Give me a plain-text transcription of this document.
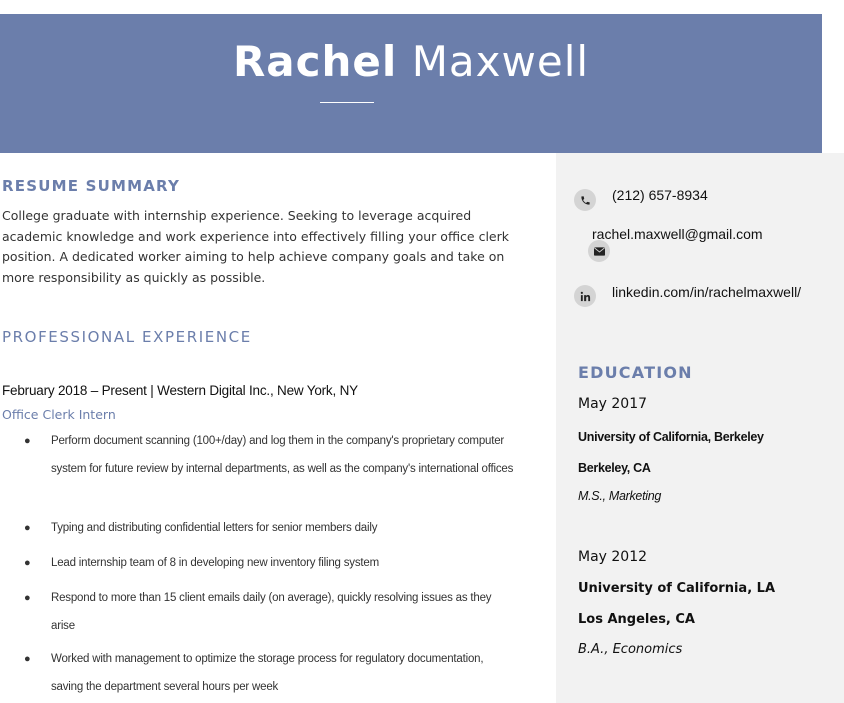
Rachel Maxwell
RESUME SUMMARY
College graduate with internship experience. Seeking to leverage acquired academic knowledge and work experience into effectively filling your office clerk position. A dedicated worker aiming to help achieve company goals and take on more responsibility as quickly as possible.
PROFESSIONAL EXPERIENCE
February 2018 – Present | Western Digital Inc., New York, NY
Office Clerk Intern
●	Perform document scanning (100+/day) and log them in the company's proprietary computer system for future review by internal departments, as well as the company's international offices
●	Typing and distributing confidential letters for senior members daily
●	Lead internship team of 8 in developing new inventory filing system
●	Respond to more than 15 client emails daily (on average), quickly resolving issues as they arise
●	Worked with management to optimize the storage process for regulatory documentation, saving the department several hours per week
(212) 657-8934
rachel.maxwell@gmail.com
linkedin.com/in/rachelmaxwell/
EDUCATION
May 2017
University of California, Berkeley
Berkeley, CA
M.S., Marketing
May 2012
University of California, LA
Los Angeles, CA
B.A., Economics
